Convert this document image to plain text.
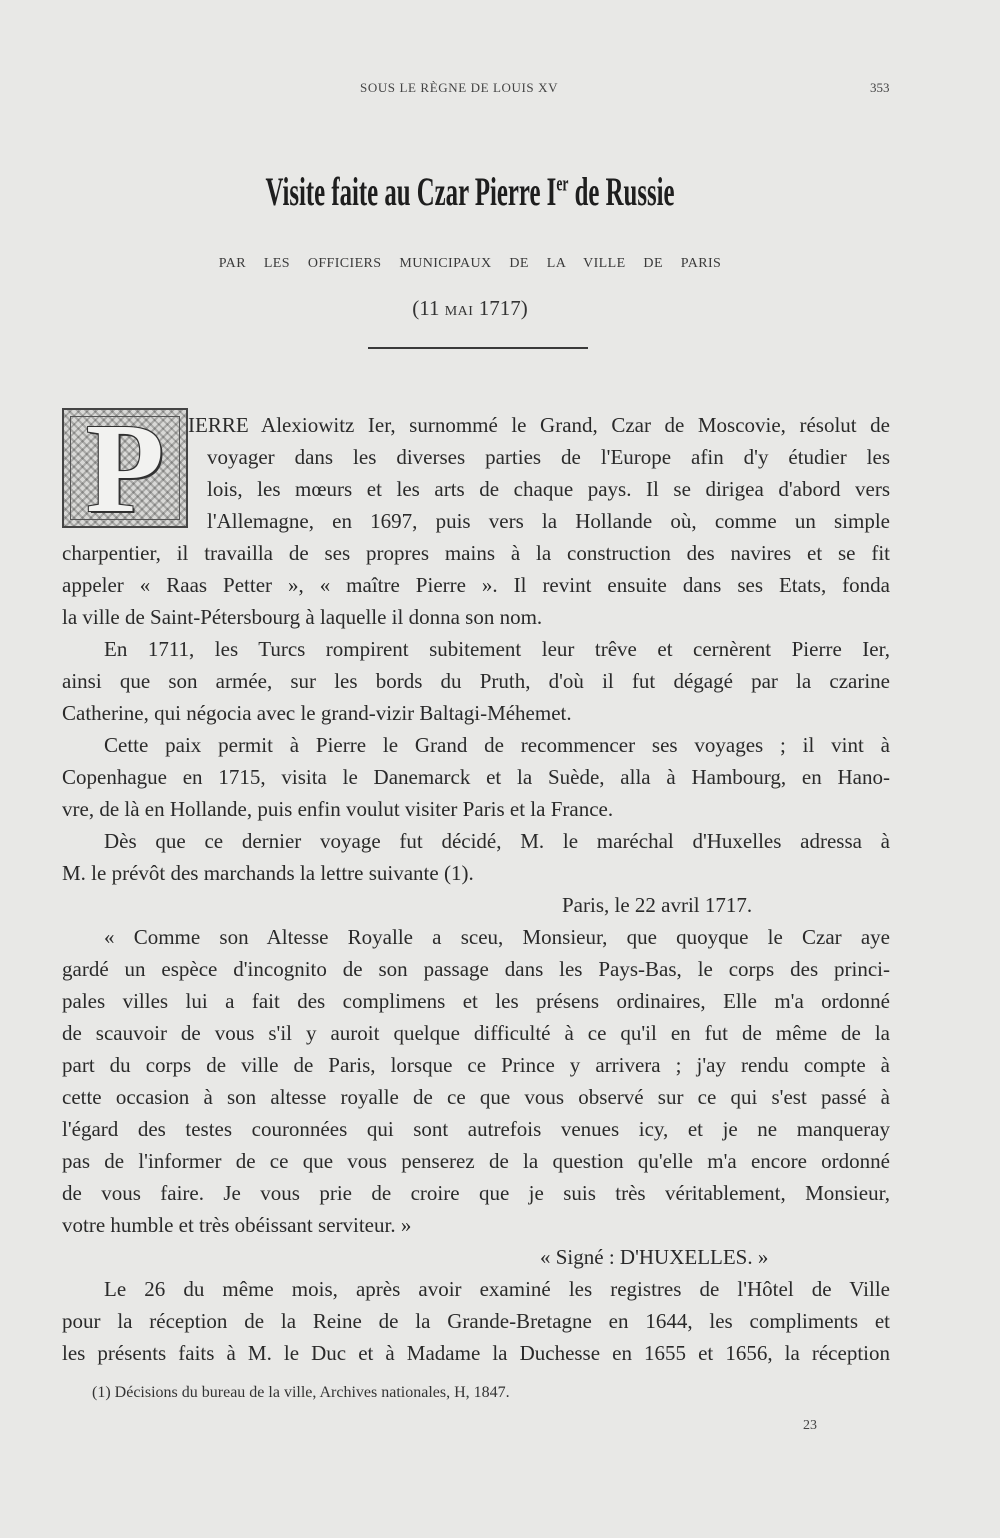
SOUS LE RÈGNE DE LOUIS XV	353
Visite faite au Czar Pierre Ier de Russie
PAR LES OFFICIERS MUNICIPAUX DE LA VILLE DE PARIS
(11 MAI 1717)
P	IERRE Alexiowitz Ier, surnommé le Grand, Czar de Moscovie, résolut de
voyager dans les diverses parties de l'Europe afin d'y étudier les
lois, les mœurs et les arts de chaque pays. Il se dirigea d'abord vers
l'Allemagne, en 1697, puis vers la Hollande où, comme un simple
charpentier, il travailla de ses propres mains à la construction des navires et se fit
appeler « Raas Petter », « maître Pierre ». Il revint ensuite dans ses Etats, fonda
la ville de Saint-Pétersbourg à laquelle il donna son nom.
En 1711, les Turcs rompirent subitement leur trêve et cernèrent Pierre Ier,
ainsi que son armée, sur les bords du Pruth, d'où il fut dégagé par la czarine
Catherine, qui négocia avec le grand-vizir Baltagi-Méhemet.
Cette paix permit à Pierre le Grand de recommencer ses voyages ; il vint à
Copenhague en 1715, visita le Danemarck et la Suède, alla à Hambourg, en Hano-
vre, de là en Hollande, puis enfin voulut visiter Paris et la France.
Dès que ce dernier voyage fut décidé, M. le maréchal d'Huxelles adressa à
M. le prévôt des marchands la lettre suivante (1).
Paris, le 22 avril 1717.
« Comme son Altesse Royalle a sceu, Monsieur, que quoyque le Czar aye
gardé un espèce d'incognito de son passage dans les Pays-Bas, le corps des princi-
pales villes lui a fait des complimens et les présens ordinaires, Elle m'a ordonné
de scauvoir de vous s'il y auroit quelque difficulté à ce qu'il en fut de même de la
part du corps de ville de Paris, lorsque ce Prince y arrivera ; j'ay rendu compte à
cette occasion à son altesse royalle de ce que vous observé sur ce qui s'est passé à
l'égard des testes couronnées qui sont autrefois venues icy, et je ne manqueray
pas de l'informer de ce que vous penserez de la question qu'elle m'a encore ordonné
de vous faire. Je vous prie de croire que je suis très véritablement, Monsieur,
votre humble et très obéissant serviteur. »
« Signé : D'HUXELLES. »
Le 26 du même mois, après avoir examiné les registres de l'Hôtel de Ville
pour la réception de la Reine de la Grande-Bretagne en 1644, les compliments et
les présents faits à M. le Duc et à Madame la Duchesse en 1655 et 1656, la réception
(1) Décisions du bureau de la ville, Archives nationales, H, 1847.
23
